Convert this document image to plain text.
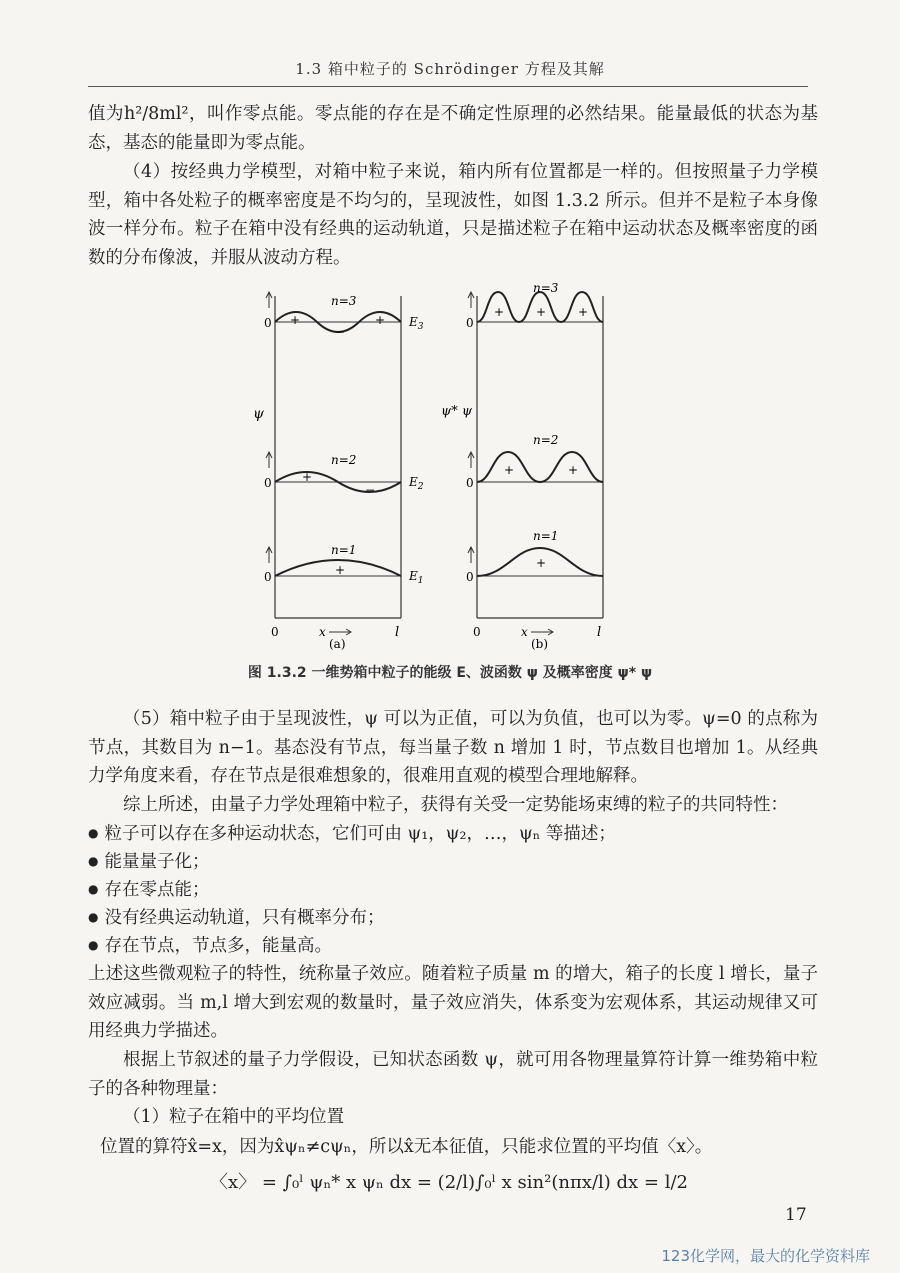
1.3 箱中粒子的 Schrödinger 方程及其解
值为h²/8ml²，叫作零点能。零点能的存在是不确定性原理的必然结果。能量最低的状态为基态，基态的能量即为零点能。
（4）按经典力学模型，对箱中粒子来说，箱内所有位置都是一样的。但按照量子力学模型，箱中各处粒子的概率密度是不均匀的，呈现波性，如图 1.3.2 所示。但并不是粒子本身像波一样分布。粒子在箱中没有经典的运动轨道，只是描述粒子在箱中运动状态及概率密度的函数的分布像波，并服从波动方程。
0
0
0
ψ
n=3
n=2
n=1
+
−
+
+
−
+
$E_3$
$E_2$
$E_1$
0	x	l
(a)
0
0
0
ψ* ψ
n=3
n=2
n=1
+	+	+
+	+
+
0	x	l
(b)
图 1.3.2 一维势箱中粒子的能级 E、波函数 ψ 及概率密度 ψ* ψ
（5）箱中粒子由于呈现波性，ψ 可以为正值，可以为负值，也可以为零。ψ=0 的点称为节点，其数目为 n−1。基态没有节点，每当量子数 n 增加 1 时，节点数目也增加 1。从经典力学角度来看，存在节点是很难想象的，很难用直观的模型合理地解释。
综上所述，由量子力学处理箱中粒子，获得有关受一定势能场束缚的粒子的共同特性：
● 粒子可以存在多种运动状态，它们可由 ψ₁，ψ₂，…，ψₙ 等描述；
● 能量量子化；
● 存在零点能；
● 没有经典运动轨道，只有概率分布；
● 存在节点，节点多，能量高。
上述这些微观粒子的特性，统称量子效应。随着粒子质量 m 的增大，箱子的长度 l 增长，量子效应减弱。当 m,l 增大到宏观的数量时，量子效应消失，体系变为宏观体系，其运动规律又可用经典力学描述。
根据上节叙述的量子力学假设，已知状态函数 ψ，就可用各物理量算符计算一维势箱中粒子的各种物理量：
（1）粒子在箱中的平均位置
位置的算符x̂=x，因为x̂ψₙ≠cψₙ，所以x̂无本征值，只能求位置的平均值〈x〉。
〈x〉 = ∫₀ˡ ψₙ* x ψₙ dx = (2/l)∫₀ˡ x sin²(nπx/l) dx = l/2
17
123化学网，最大的化学资料库
